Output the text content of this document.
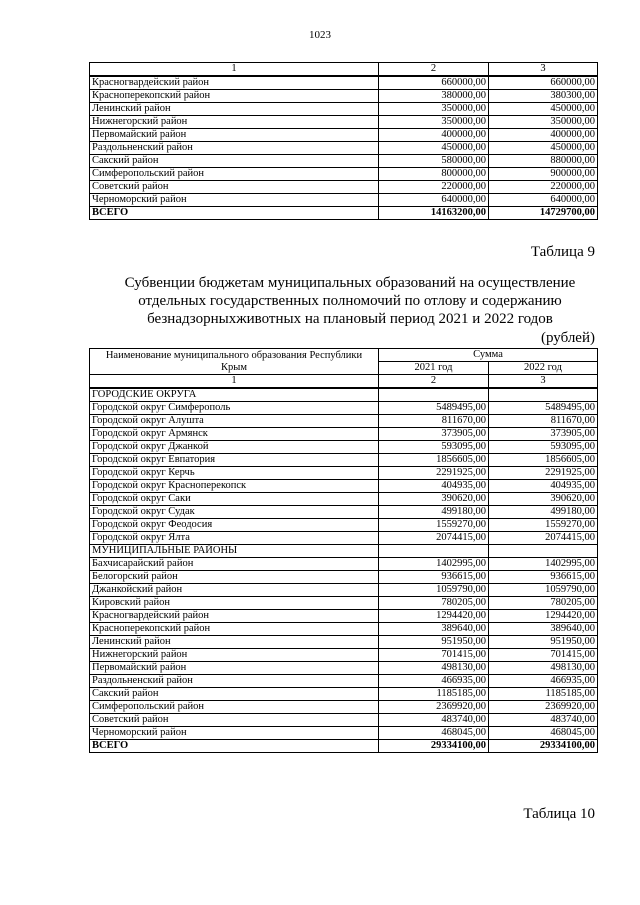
1023
1	2	3
Красногвардейский район	660000,00	660000,00
Красноперекопский район	380000,00	380300,00
Ленинский район	350000,00	450000,00
Нижнегорский район	350000,00	350000,00
Первомайский район	400000,00	400000,00
Раздольненский район	450000,00	450000,00
Сакский район	580000,00	880000,00
Симферопольский район	800000,00	900000,00
Советский район	220000,00	220000,00
Черноморский район	640000,00	640000,00
ВСЕГО	14163200,00	14729700,00
Таблица 9
Субвенции бюджетам муниципальных образований на осуществление
отдельных государственных полномочий по отлову и содержанию
безнадзорныхживотных на плановый период 2021 и 2022 годов
(рублей)
Наименование муниципального образования Республики Крым	Сумма	
	2021 год	2022 год
1	2	3
ГОРОДСКИЕ ОКРУГА		
Городской округ Симферополь	5489495,00	5489495,00
Городской округ Алушта	811670,00	811670,00
Городской округ Армянск	373905,00	373905,00
Городской округ Джанкой	593095,00	593095,00
Городской округ Евпатория	1856605,00	1856605,00
Городской округ Керчь	2291925,00	2291925,00
Городской округ Красноперекопск	404935,00	404935,00
Городской округ Саки	390620,00	390620,00
Городской округ Судак	499180,00	499180,00
Городской округ Феодосия	1559270,00	1559270,00
Городской округ Ялта	2074415,00	2074415,00
МУНИЦИПАЛЬНЫЕ РАЙОНЫ		
Бахчисарайский район	1402995,00	1402995,00
Белогорский район	936615,00	936615,00
Джанкойский район	1059790,00	1059790,00
Кировский район	780205,00	780205,00
Красногвардейский район	1294420,00	1294420,00
Красноперекопский район	389640,00	389640,00
Ленинский район	951950,00	951950,00
Нижнегорский район	701415,00	701415,00
Первомайский район	498130,00	498130,00
Раздольненский район	466935,00	466935,00
Сакский район	1185185,00	1185185,00
Симферопольский район	2369920,00	2369920,00
Советский район	483740,00	483740,00
Черноморский район	468045,00	468045,00
ВСЕГО	29334100,00	29334100,00
Таблица 10
